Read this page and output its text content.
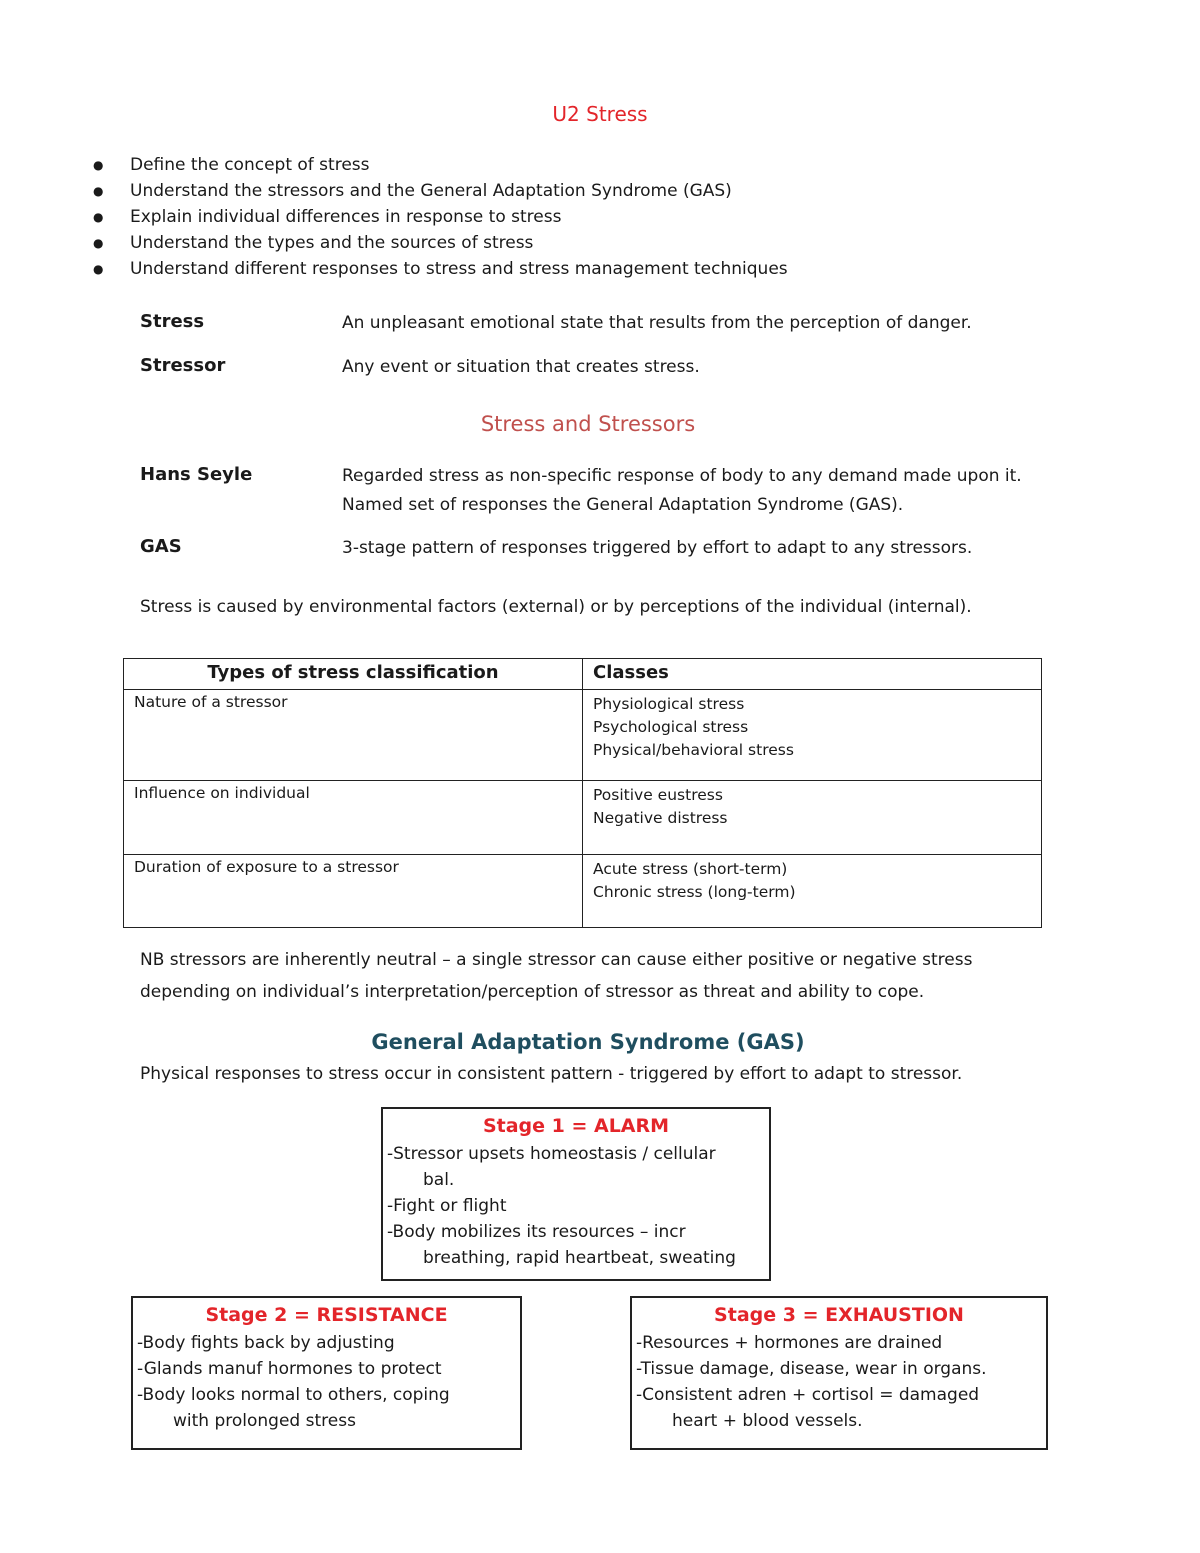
U2 Stress
● Define the concept of stress
● Understand the stressors and the General Adaptation Syndrome (GAS)
● Explain individual differences in response to stress
● Understand the types and the sources of stress
● Understand different responses to stress and stress management techniques
Stress	An unpleasant emotional state that results from the perception of danger.
Stressor	Any event or situation that creates stress.
Stress and Stressors
Hans Seyle	Regarded stress as non-specific response of body to any demand made upon it.
Named set of responses the General Adaptation Syndrome (GAS).
GAS	3-stage pattern of responses triggered by effort to adapt to any stressors.
Stress is caused by environmental factors (external) or by perceptions of the individual (internal).
Types of stress classification	Classes
Nature of a stressor	Physiological stress
Psychological stress
Physical/behavioral stress

Influence on individual	Positive eustress
Negative distress

Duration of exposure to a stressor	Acute stress (short-term)
Chronic stress (long-term)
NB stressors are inherently neutral – a single stressor can cause either positive or negative stress
depending on individual’s interpretation/perception of stressor as threat and ability to cope.
General Adaptation Syndrome (GAS)
Physical responses to stress occur in consistent pattern - triggered by effort to adapt to stressor.
Stage 1 = ALARM
-Stressor upsets homeostasis / cellular
bal.
-Fight or flight
-Body mobilizes its resources – incr
breathing, rapid heartbeat, sweating
Stage 2 = RESISTANCE
-Body fights back by adjusting
-Glands manuf hormones to protect
-Body looks normal to others, coping
with prolonged stress
Stage 3 = EXHAUSTION
-Resources + hormones are drained
-Tissue damage, disease, wear in organs.
-Consistent adren + cortisol = damaged
heart + blood vessels.
